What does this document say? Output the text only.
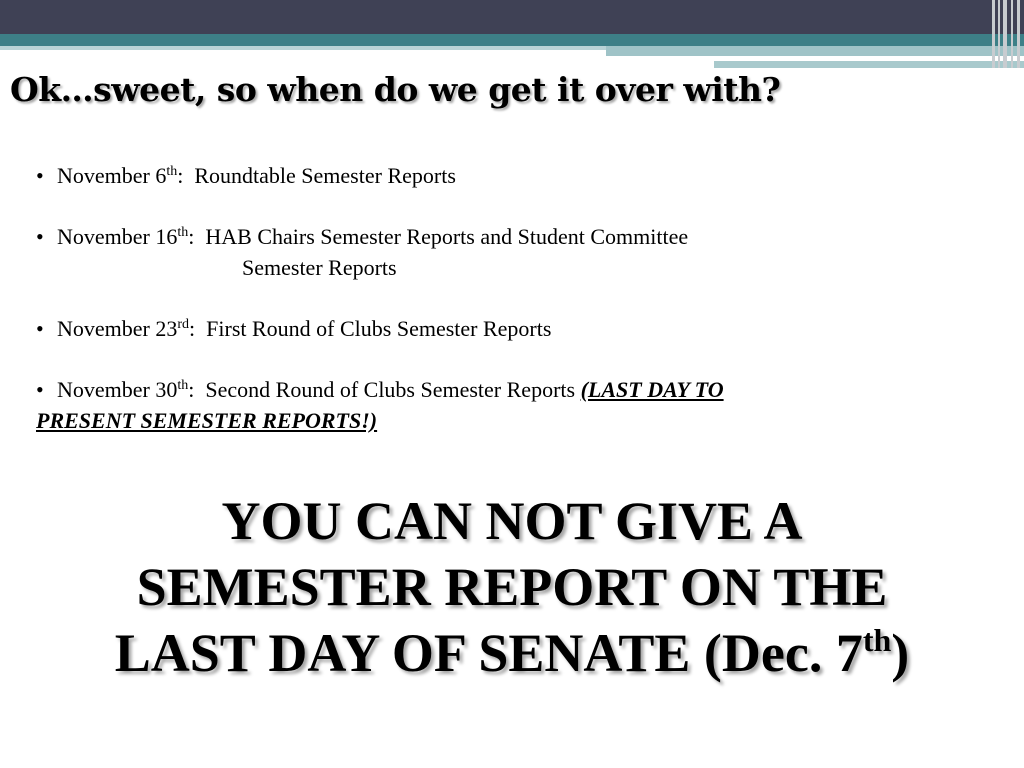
Ok…sweet, so when do we get it over with?

• November 6th: Roundtable Semester Reports

• November 16th: HAB Chairs Semester Reports and Student Committee
Semester Reports

• November 23rd: First Round of Clubs Semester Reports

• November 30th: Second Round of Clubs Semester Reports (LAST DAY TO
PRESENT SEMESTER REPORTS!)

YOU CAN NOT GIVE A
SEMESTER REPORT ON THE
LAST DAY OF SENATE (Dec. 7th)
